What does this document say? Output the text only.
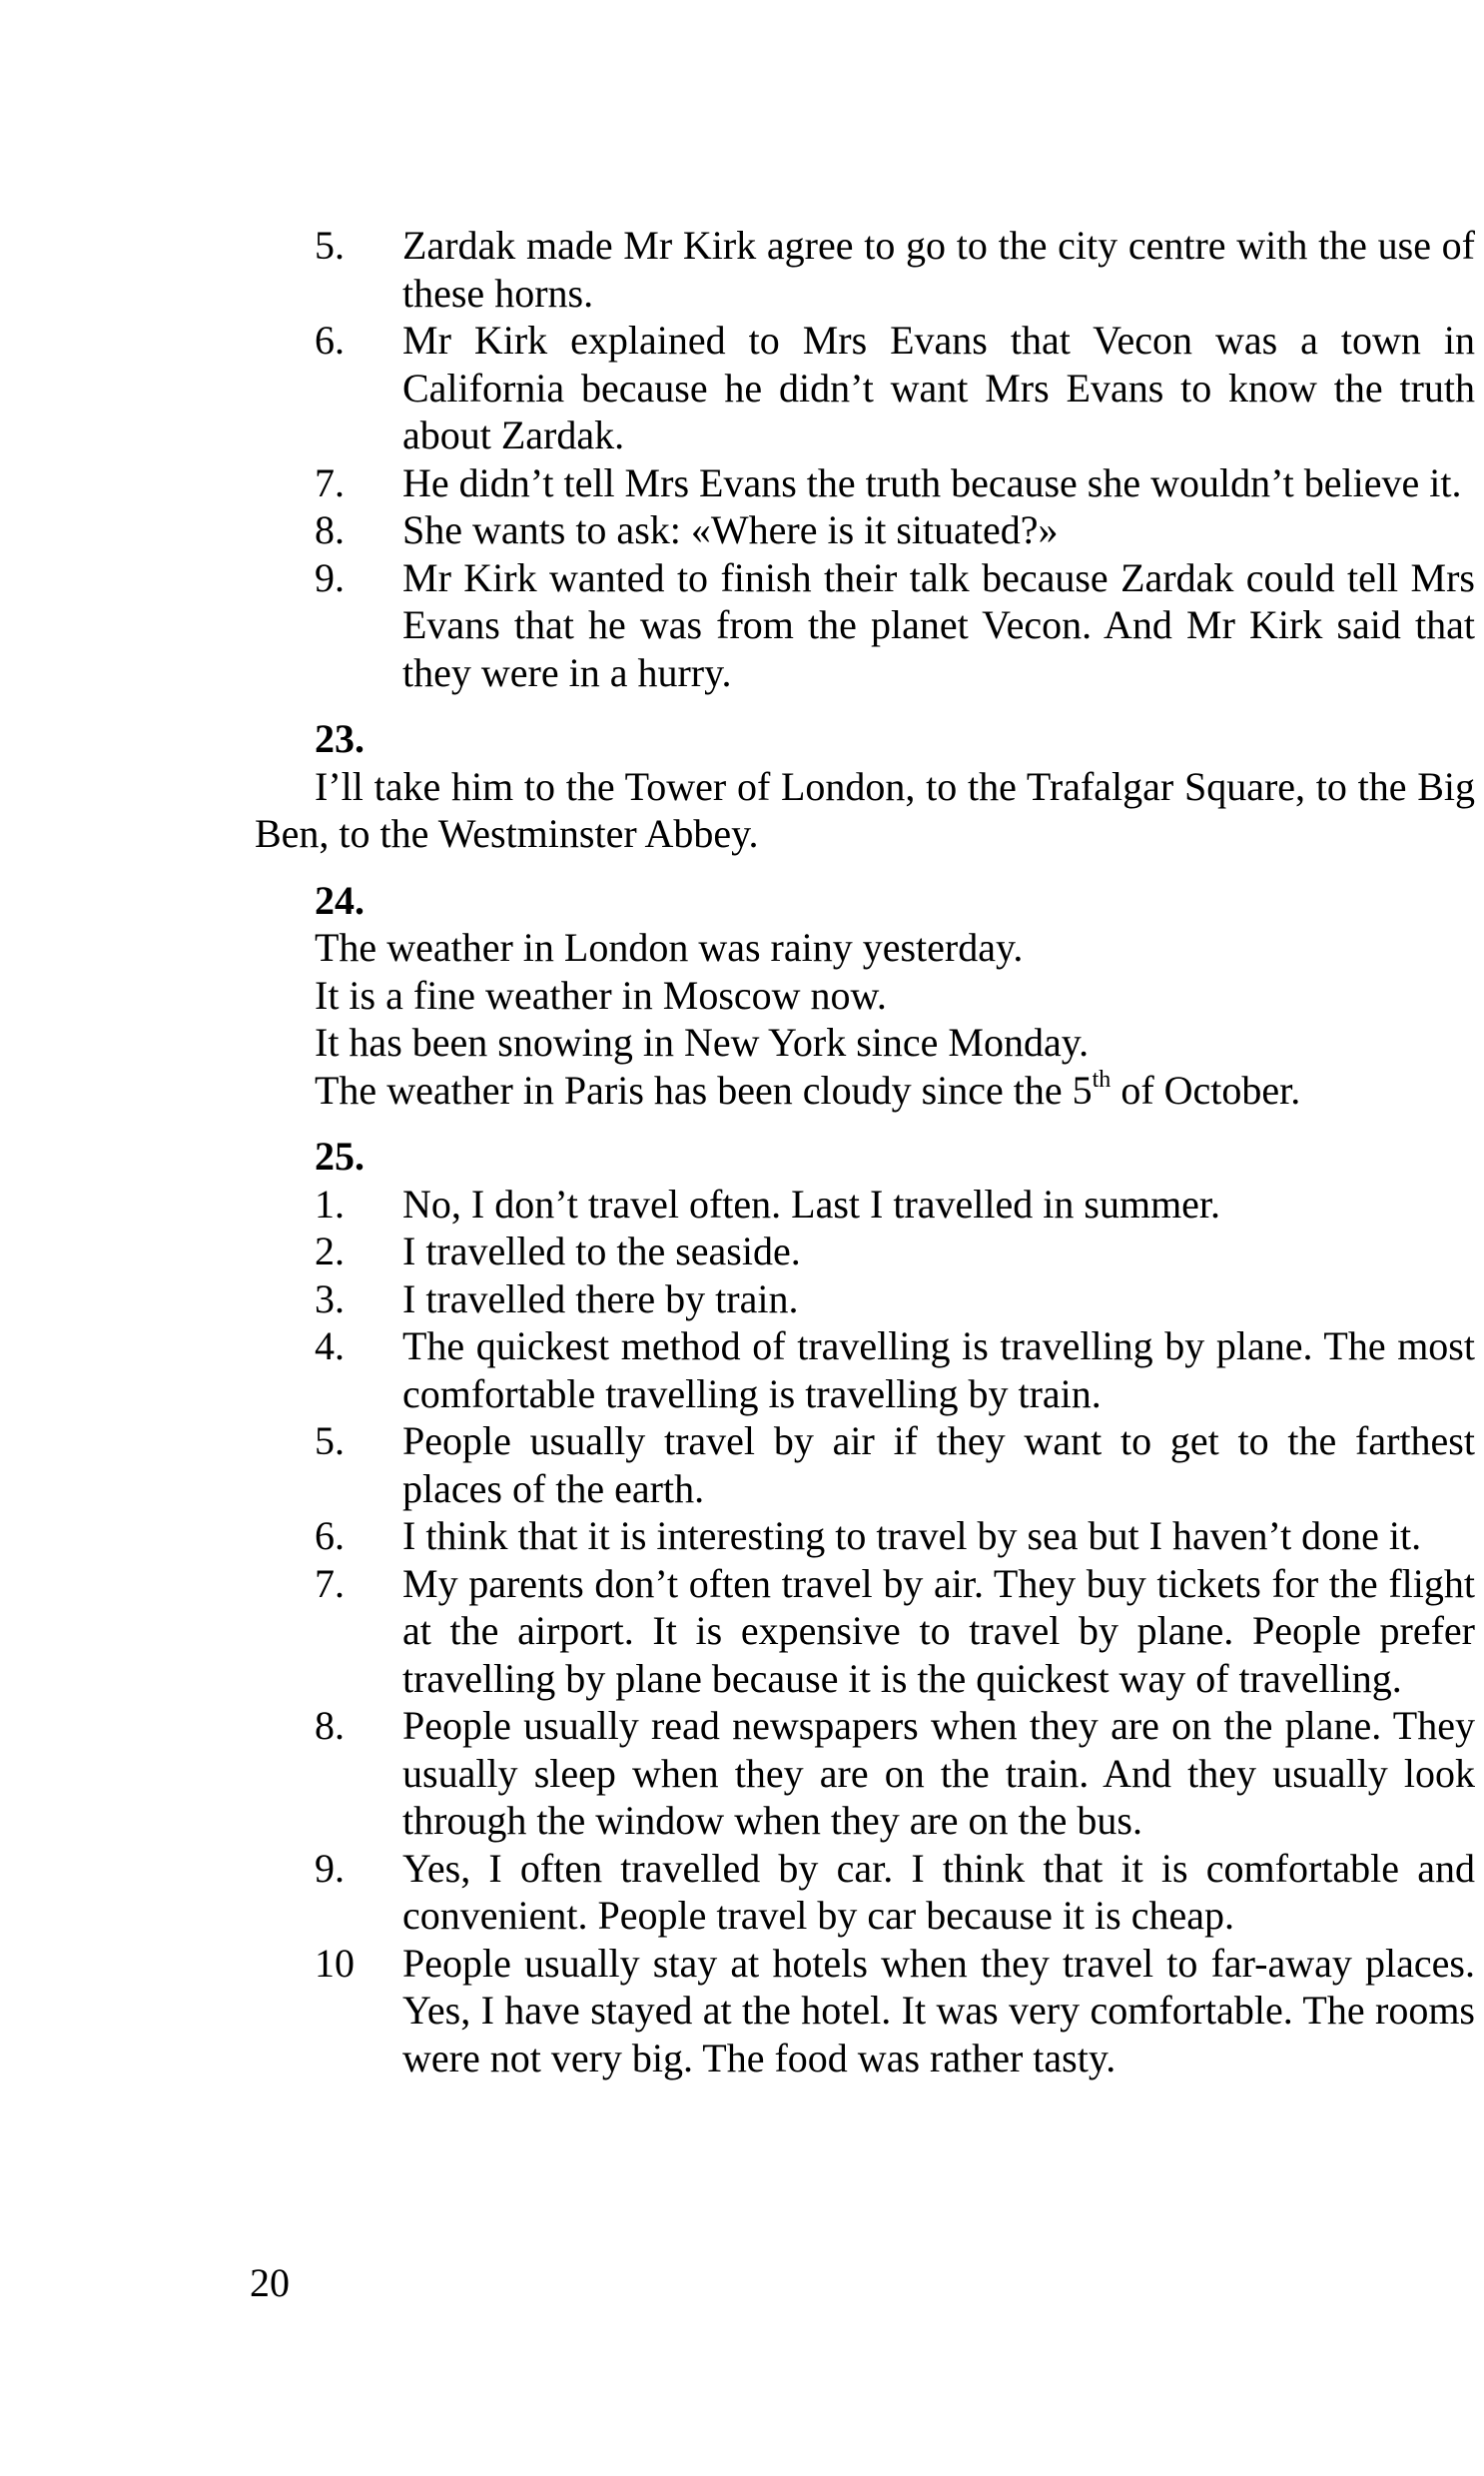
5.	Zardak made Mr Kirk agree to go to the city centre with the use of these horns.
6.	Mr Kirk explained to Mrs Evans that Vecon was a town in California because he didn’t want Mrs Evans to know the truth about Zardak.
7.	He didn’t tell Mrs Evans the truth because she wouldn’t believe it.
8.	She wants to ask: «Where is it situated?»
9.	Mr Kirk wanted to finish their talk because Zardak could tell Mrs Evans that he was from the planet Vecon. And Mr Kirk said that they were in a hurry.
23.
I’ll take him to the Tower of London, to the Trafalgar Square, to the Big Ben, to the Westminster Abbey.
24.
The weather in London was rainy yesterday.
It is a fine weather in Moscow now.
It has been snowing in New York since Monday.
The weather in Paris has been cloudy since the 5th of October.
25.
1.	No, I don’t travel often. Last I travelled in summer.
2.	I travelled to the seaside.
3.	I travelled there by train.
4.	The quickest method of travelling is travelling by plane. The most comfortable travelling is travelling by train.
5.	People usually travel by air if they want to get to the farthest places of the earth.
6.	I think that it is interesting to travel by sea but I haven’t done it.
7.	My parents don’t often travel by air. They buy tickets for the flight at the airport. It is expensive to travel by plane. People prefer travelling by plane because it is the quickest way of travelling.
8.	People usually read newspapers when they are on the plane. They usually sleep when they are on the train. And they usually look through the window when they are on the bus.
9.	Yes, I often travelled by car. I think that it is comfortable and convenient. People travel by car because it is cheap.
10	People usually stay at hotels when they travel to far-away places. Yes, I have stayed at the hotel. It was very comfortable. The rooms were not very big. The food was rather tasty.
20
